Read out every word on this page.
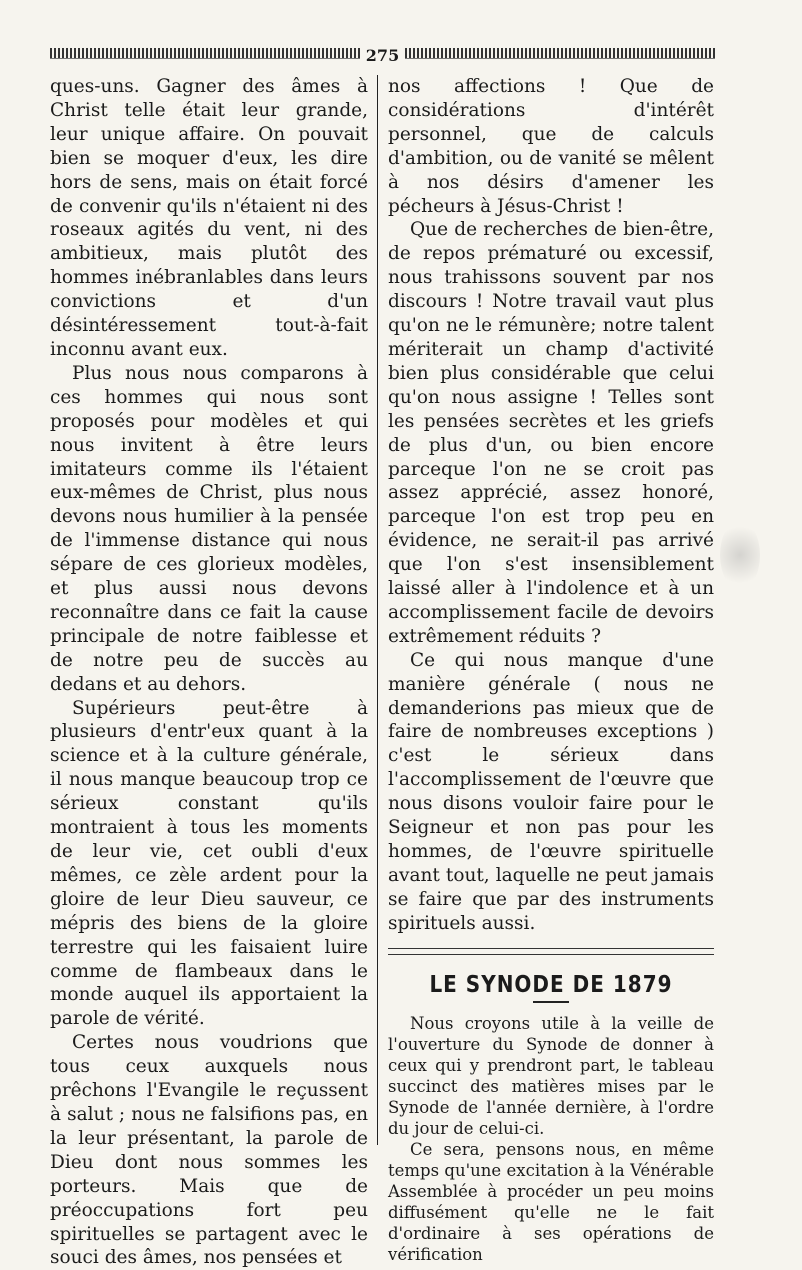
275

ques-uns. Gagner des âmes à Christ telle était leur grande, leur unique affaire. On pouvait bien se moquer d'eux, les dire hors de sens, mais on était forcé de convenir qu'ils n'étaient ni des roseaux agités du vent, ni des ambitieux, mais plutôt des hommes inébranlables dans leurs convictions et d'un désintéressement tout-à-fait inconnu avant eux.

Plus nous nous comparons à ces hommes qui nous sont proposés pour modèles et qui nous invitent à être leurs imitateurs comme ils l'étaient eux-mêmes de Christ, plus nous devons nous humilier à la pensée de l'immense distance qui nous sépare de ces glorieux modèles, et plus aussi nous devons reconnaître dans ce fait la cause principale de notre faiblesse et de notre peu de succès au dedans et au dehors.

Supérieurs peut-être à plusieurs d'entr'eux quant à la science et à la culture générale, il nous manque beaucoup trop ce sérieux constant qu'ils montraient à tous les moments de leur vie, cet oubli d'eux mêmes, ce zèle ardent pour la gloire de leur Dieu sauveur, ce mépris des biens de la gloire terrestre qui les faisaient luire comme de flambeaux dans le monde auquel ils apportaient la parole de vérité.

Certes nous voudrions que tous ceux auxquels nous prêchons l'Evangile le reçussent à salut ; nous ne falsifions pas, en la leur présentant, la parole de Dieu dont nous sommes les porteurs. Mais que de préoccupations fort peu spirituelles se partagent avec le souci des âmes, nos pensées et

nos affections ! Que de considérations d'intérêt personnel, que de calculs d'ambition, ou de vanité se mêlent à nos désirs d'amener les pécheurs à Jésus-Christ !

Que de recherches de bien-être, de repos prématuré ou excessif, nous trahissons souvent par nos discours ! Notre travail vaut plus qu'on ne le rémunère; notre talent mériterait un champ d'activité bien plus considérable que celui qu'on nous assigne ! Telles sont les pensées secrètes et les griefs de plus d'un, ou bien encore parceque l'on ne se croit pas assez apprécié, assez honoré, parceque l'on est trop peu en évidence, ne serait-il pas arrivé que l'on s'est insensiblement laissé aller à l'indolence et à un accomplissement facile de devoirs extrêmement réduits ?

Ce qui nous manque d'une manière générale ( nous ne demanderions pas mieux que de faire de nombreuses exceptions ) c'est le sérieux dans l'accomplissement de l'œuvre que nous disons vouloir faire pour le Seigneur et non pas pour les hommes, de l'œuvre spirituelle avant tout, laquelle ne peut jamais se faire que par des instruments spirituels aussi.

LE SYNODE DE 1879

Nous croyons utile à la veille de l'ouverture du Synode de donner à ceux qui y prendront part, le tableau succinct des matières mises par le Synode de l'année dernière, à l'ordre du jour de celui-ci.

Ce sera, pensons nous, en même temps qu'une excitation à la Vénérable Assemblée à procéder un peu moins diffusément qu'elle ne le fait d'ordinaire à ses opérations de vérification
